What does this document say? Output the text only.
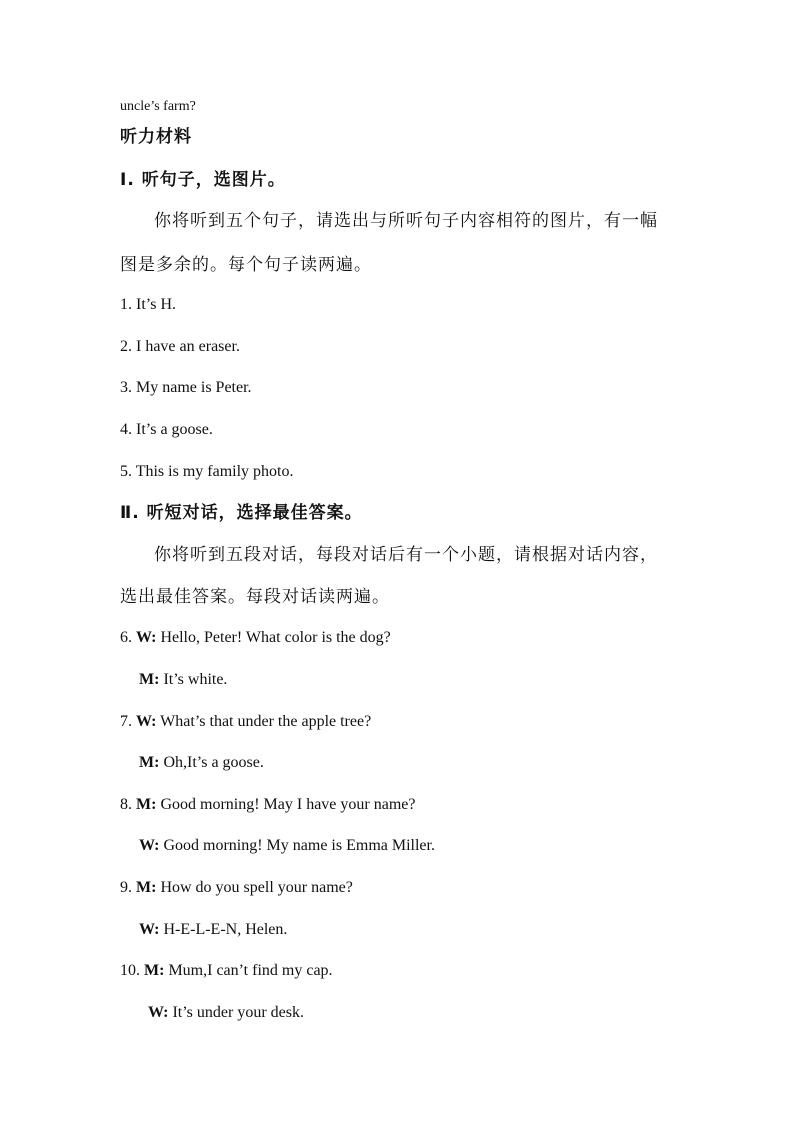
uncle’s farm?
听力材料
Ⅰ. 听句子，选图片。
你将听到五个句子，请选出与所听句子内容相符的图片，有一幅
图是多余的。每个句子读两遍。
1. It’s H.
2. I have an eraser.
3. My name is Peter.
4. It’s a goose.
5. This is my family photo.
Ⅱ. 听短对话，选择最佳答案。
你将听到五段对话，每段对话后有一个小题，请根据对话内容，
选出最佳答案。每段对话读两遍。
6. W: Hello, Peter! What color is the dog?
M: It’s white.
7. W: What’s that under the apple tree?
M: Oh,It’s a goose.
8. M: Good morning! May I have your name?
W: Good morning! My name is Emma Miller.
9. M: How do you spell your name?
W: H-E-L-E-N, Helen.
10. M: Mum,I can’t find my cap.
W: It’s under your desk.
